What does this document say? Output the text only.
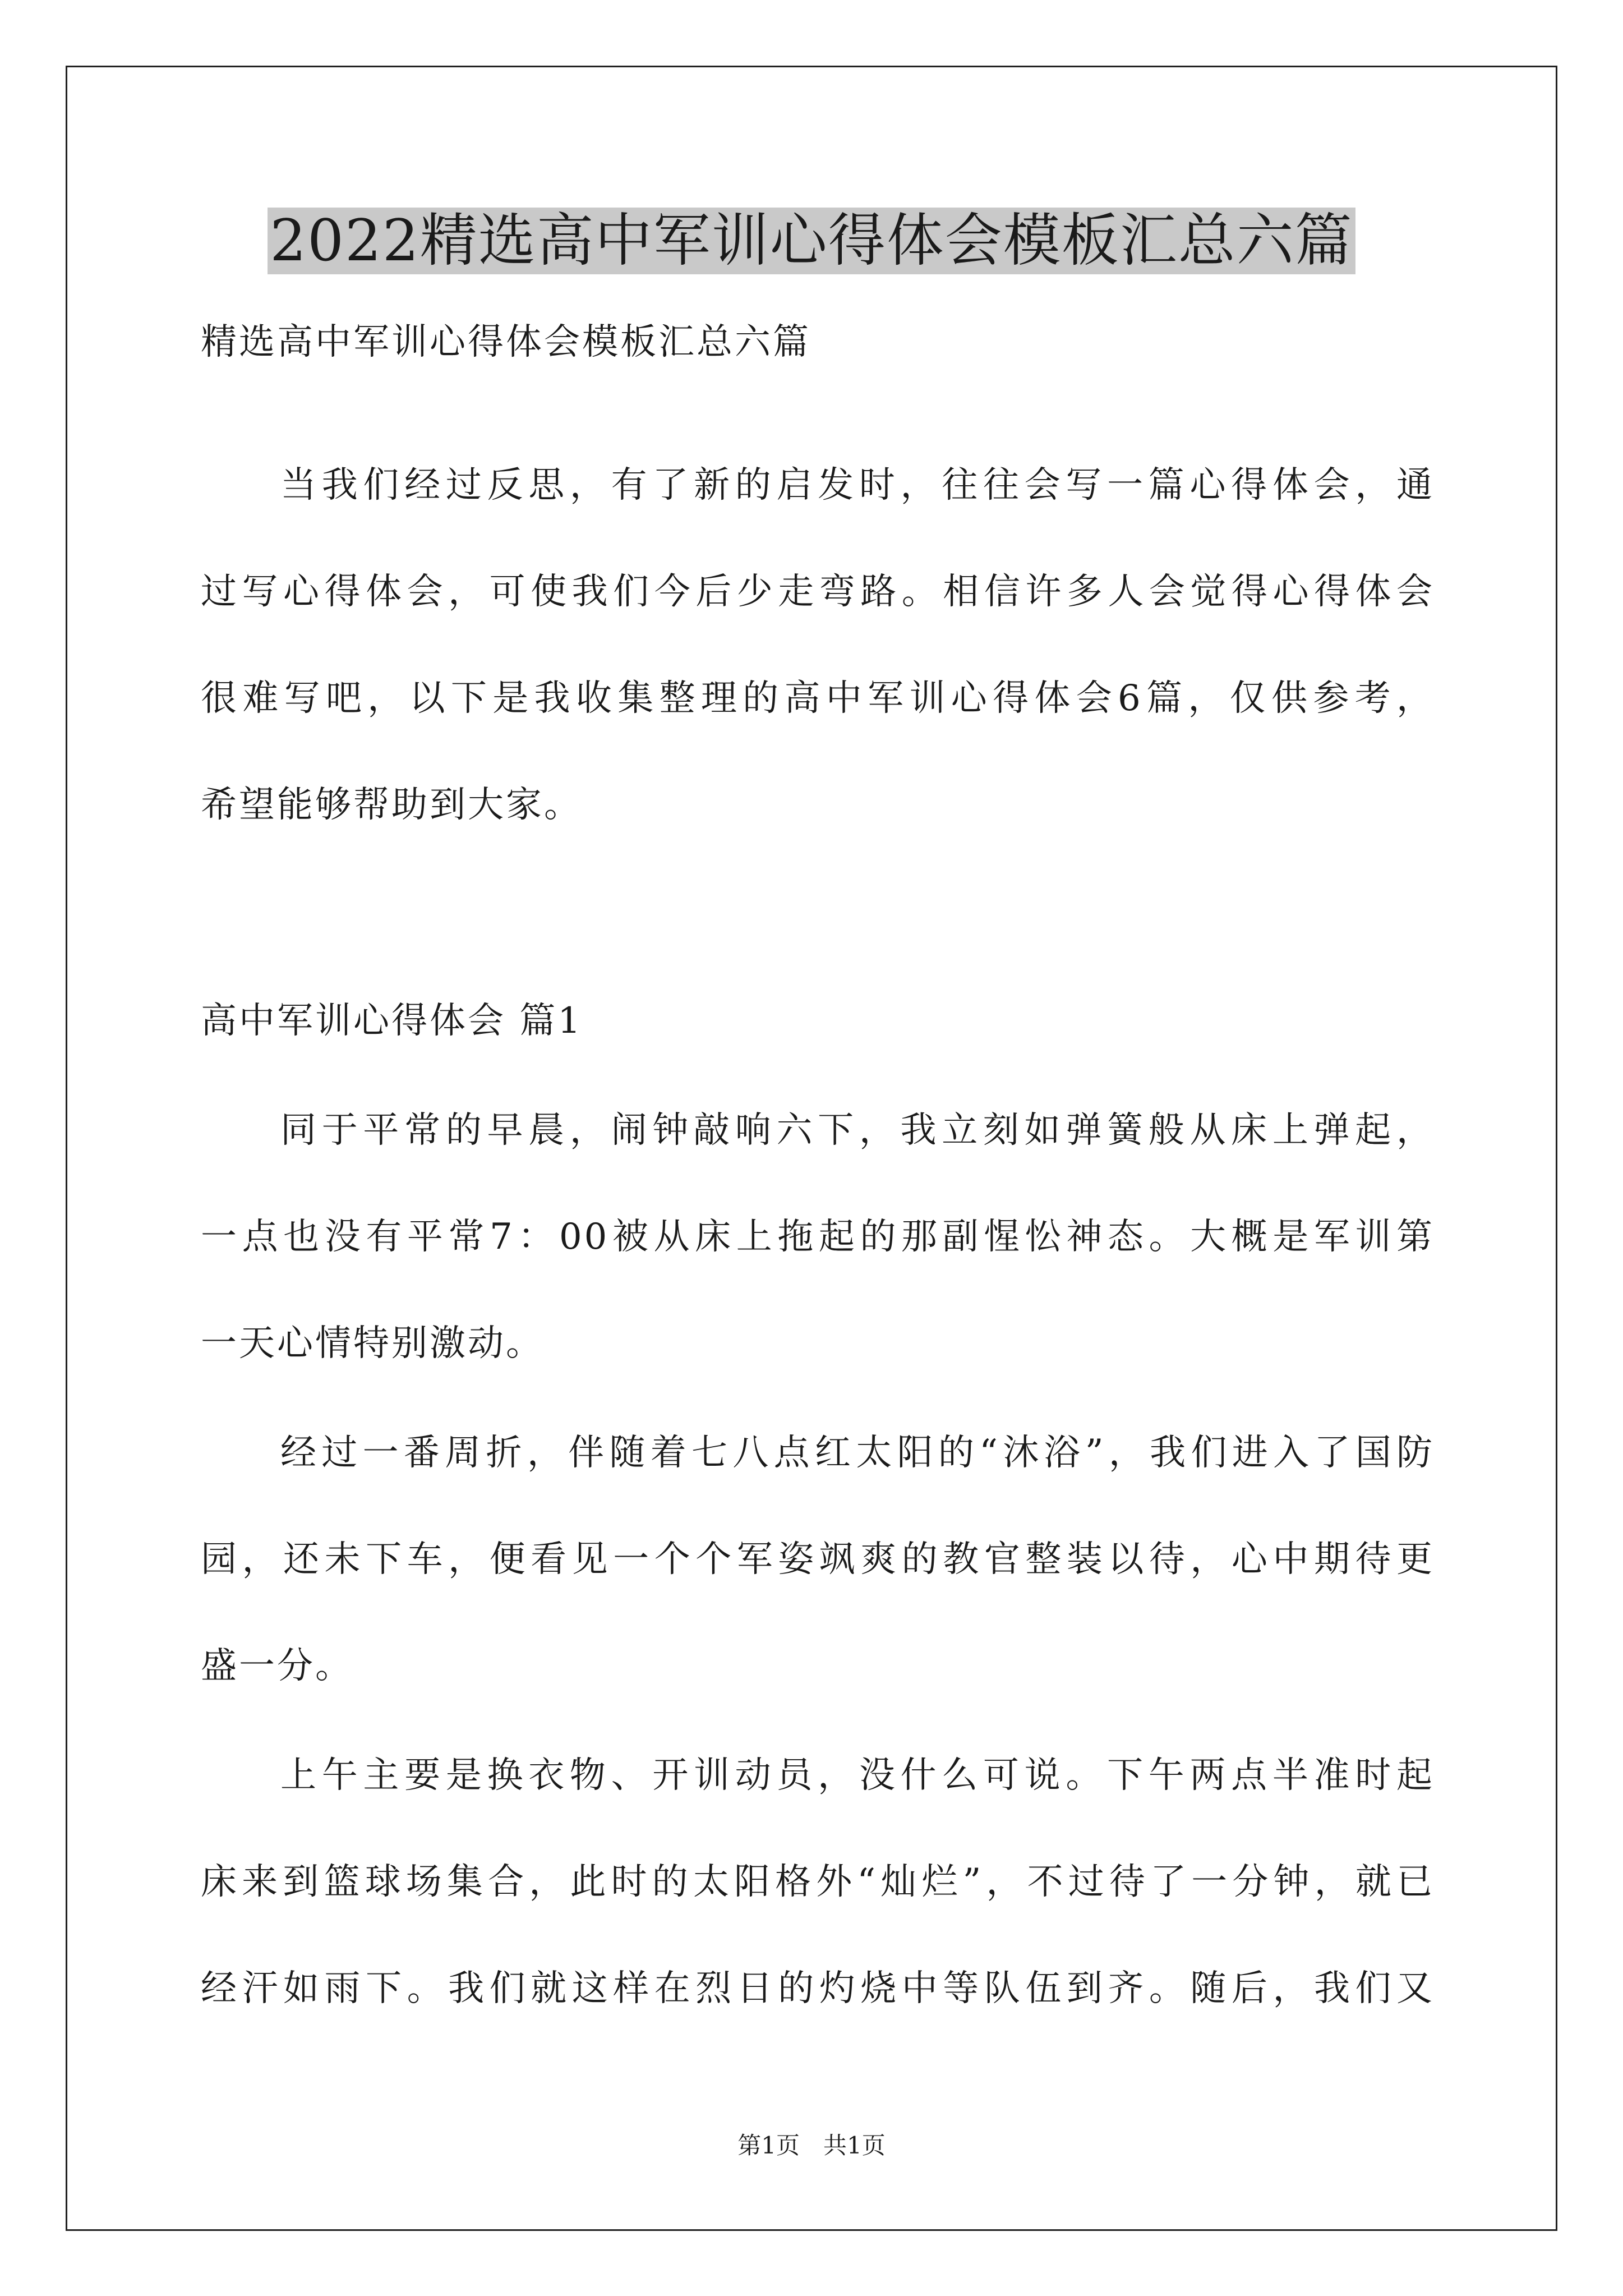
2022精选高中军训心得体会模板汇总六篇
精选高中军训心得体会模板汇总六篇
当我们经过反思，有了新的启发时，往往会写一篇心得体会，通
过写心得体会，可使我们今后少走弯路。相信许多人会觉得心得体会
很难写吧，以下是我收集整理的高中军训心得体会6篇，仅供参考，
希望能够帮助到大家。
高中军训心得体会 篇1
同于平常的早晨，闹钟敲响六下，我立刻如弹簧般从床上弹起，
一点也没有平常7：00被从床上拖起的那副惺忪神态。大概是军训第
一天心情特别激动。
经过一番周折，伴随着七八点红太阳的“沐浴”，我们进入了国防
园，还未下车，便看见一个个军姿飒爽的教官整装以待，心中期待更
盛一分。
上午主要是换衣物、开训动员，没什么可说。下午两点半准时起
床来到篮球场集合，此时的太阳格外“灿烂”，不过待了一分钟，就已
经汗如雨下。我们就这样在烈日的灼烧中等队伍到齐。随后，我们又
第1页　共1页
